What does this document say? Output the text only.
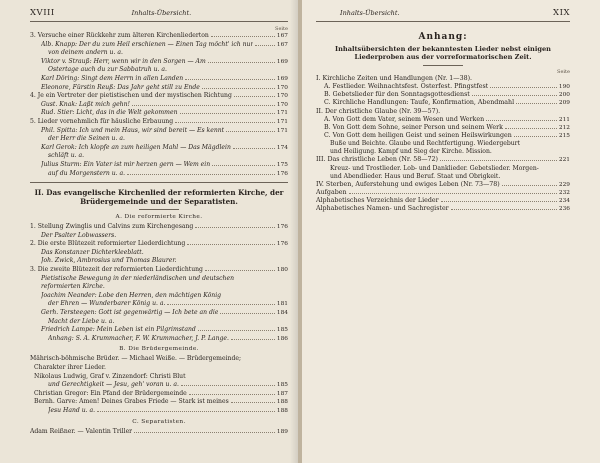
XVIII	Inhalts-Übersicht.
Seite
3. Versuche einer Rückkehr zum älteren Kirchenliederton	167
Alb. Knapp: Der du zum Heil erschienen — Einen Tag möcht' ich nur	167
von deinem andern u. a.
Viktor v. Strauß: Herr, wenn wir in den Sorgen — Am	169
Ostertage auch du zur Sabbatruh u. a.
Karl Döring: Singt dem Herrn in allen Landen	169
Eleonore, Fürstin Reuß: Das Jahr geht still zu Ende	170
4. Je ein Vertreter der pietistischen und der mystischen Richtung	170
Gust. Knak: Laßt mich gehn!	170
Rud. Stier: Licht, das in die Welt gekommen	171
5. Lieder vornehmlich für häusliche Erbauung	171
Phil. Spitta: Ich und mein Haus, wir sind bereit — Es kennt	171
der Herr die Seinen u. a.
Karl Gerok: Ich klopfe an zum heiligen Mahl — Das Mägdlein	174
schläft u. a.
Julius Sturm: Ein Vater ist mir herzen gern — Wem ein	175
auf du Morgenstern u. a.	176
II. Das evangelische Kirchenlied der reformierten Kirche, der Brüdergemeinde und der Separatisten.
A. Die reformierte Kirche.
1. Stellung Zwinglis und Calvins zum Kirchengesang	176
Der Psalter Lobwassers.
2. Die erste Blütezeit reformierter Liederdichtung	176
Das Konstanzer Dichterkleeblatt.
Joh. Zwick, Ambrosius und Thomas Blaurer.
3. Die zweite Blütezeit der reformierten Liederdichtung	180
Pietistische Bewegung in der niederländischen und deutschen
reformierten Kirche.
Joachim Neander: Lobe den Herren, den mächtigen König
der Ehren — Wunderbarer König u. a.	181
Gerh. Tersteegen: Gott ist gegenwärtig — Ich bete an die	184
Macht der Liebe u. a.
Friedrich Lampe: Mein Leben ist ein Pilgrimstand	185
Anhang: S. A. Krummacher, F. W. Krummacher, J. P. Lange.	186
B. Die Brüdergemeinde.
Mährisch-böhmische Brüder. — Michael Weiße. — Brüdergemeinde;
Charakter ihrer Lieder.
Nikolaus Ludwig, Graf v. Zinzendorf: Christi Blut
und Gerechtigkeit — Jesu, geh' voran u. a.	185
Christian Gregor: Ein Pfand der Brüdergemeinde	187
Bernh. Garve: Amen! Deines Grabes Friede — Stark ist meines	188
Jesu Hand u. a.	188
C. Separatisten.
Adam Reißner. — Valentin Triller	189
Inhalts-Übersicht.	XIX
Anhang:
Inhaltsübersichten der bekanntesten Lieder nebst einigen Liederproben aus der vorreformatorischen Zeit.
Seite
I. Kirchliche Zeiten und Handlungen (Nr. 1—38).
A. Festlieder. Weihnachtsfest. Osterfest. Pfingstfest	190
B. Gebetslieder für den Sonntagsgottesdienst	200
C. Kirchliche Handlungen: Taufe, Konfirmation, Abendmahl	209
II. Der christliche Glaube (Nr. 39—57).
A. Von Gott dem Vater, seinem Wesen und Werken	211
B. Von Gott dem Sohne, seiner Person und seinem Werk	212
C. Von Gott dem heiligen Geist und seinen Heilswirkungen	215
Buße und Beichte. Glaube und Rechtfertigung. Wiedergeburt
und Heiligung. Kampf und Sieg der Kirche. Mission.
III. Das christliche Leben (Nr. 58—72)	221
Kreuz- und Trostlieder. Lob- und Danklieder. Gebetslieder. Morgen-
und Abendlieder. Haus und Beruf. Staat und Obrigkeit.
IV. Sterben, Auferstehung und ewiges Leben (Nr. 73—78)	229
Aufgaben	232
Alphabetisches Verzeichnis der Lieder	234
Alphabetisches Namen- und Sachregister	236
